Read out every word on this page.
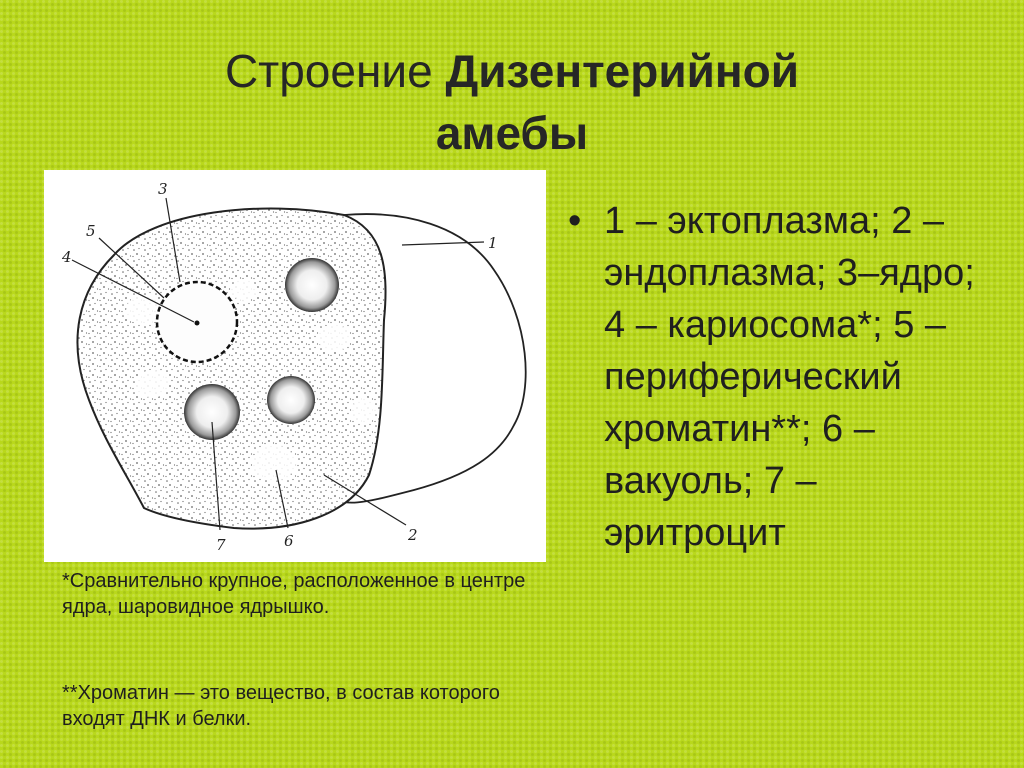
Строение Дизентерийной
амебы
1
2
3
4
5
6
7
• 1 – эктоплазма; 2 – эндоплазма; 3–ядро; 4 – кариосома*; 5 – периферический хроматин**; 6 – вакуоль; 7 – эритроцит
*Сравнительно крупное, расположенное в центре ядра, шаровидное ядрышко.
**Хроматин — это вещество, в состав которого входят ДНК и белки.
